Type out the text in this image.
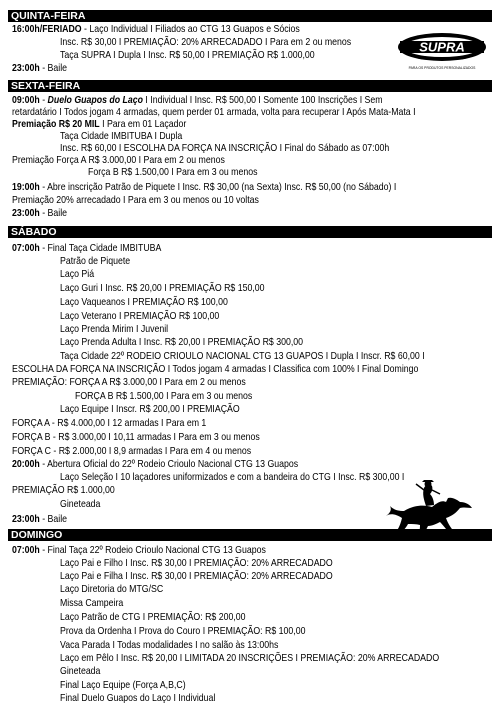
QUINTA-FEIRA
16:00h/FERIADO - Laço Individual I Filiados ao CTG 13 Guapos e Sócios
Insc. R$ 30,00 I PREMIAÇÃO: 20% ARRECADADO I Para em 2 ou menos
Taça SUPRA I Dupla I Insc. R$ 50,00 I PREMIAÇÃO R$ 1.000,00
23:00h - Baile
SUPRA
PARA OS PRODUTOS PERSONALIZADOS
SEXTA-FEIRA
09:00h - Duelo Guapos do Laço I Individual I Insc. R$ 500,00 I Somente 100 Inscrições I Sem
retardatário I Todos jogam 4 armadas, quem perder 01 armada, volta para recuperar I Após Mata-Mata I
Premiação R$ 20 MIL I Para em 01 Laçador
Taça Cidade IMBITUBA I Dupla
Insc. R$ 60,00 I ESCOLHA DA FORÇA NA INSCRIÇÃO I Final do Sábado as 07:00h
Premiação Força A R$ 3.000,00 I Para em 2 ou menos
Força B R$ 1.500,00 I Para em 3 ou menos
19:00h - Abre inscrição Patrão de Piquete I Insc. R$ 30,00 (na Sexta) Insc. R$ 50,00 (no Sábado) I
Premiação 20% arrecadado I Para em 3 ou menos ou 10 voltas
23:00h - Baile
SÁBADO
07:00h - Final Taça Cidade IMBITUBA
Patrão de Piquete
Laço Piá
Laço Guri I Insc. R$ 20,00 I PREMIAÇÃO R$ 150,00
Laço Vaqueanos I PREMIAÇÃO R$ 100,00
Laço Veterano I PREMIAÇÃO R$ 100,00
Laço Prenda Mirim I Juvenil
Laço Prenda Adulta I Insc. R$ 20,00 I PREMIAÇÃO R$ 300,00
Taça Cidade 22º RODEIO CRIOULO NACIONAL CTG 13 GUAPOS I Dupla I Inscr. R$ 60,00 I
ESCOLHA DA FORÇA NA INSCRIÇÃO I Todos jogam 4 armadas I Classifica com 100% I Final Domingo
PREMIAÇÃO: FORÇA A R$ 3.000,00 I Para em 2 ou menos
FORÇA B R$ 1.500,00 I Para em 3 ou menos
Laço Equipe I Inscr. R$ 200,00 I PREMIAÇÃO
FORÇA A - R$ 4.000,00 I 12 armadas I Para em 1
FORÇA B - R$ 3.000,00 I 10,11 armadas I Para em 3 ou menos
FORÇA C - R$ 2.000,00 I 8,9 armadas I Para em 4 ou menos
20:00h - Abertura Oficial do 22º Rodeio Crioulo Nacional CTG 13 Guapos
Laço Seleção I 10 laçadores uniformizados e com a bandeira do CTG I Insc. R$ 300,00 I
PREMIAÇÃO R$ 1.000,00
Gineteada
23:00h - Baile
DOMINGO
07:00h - Final Taça 22º Rodeio Crioulo Nacional CTG 13 Guapos
Laço Pai e Filho I Insc. R$ 30,00 I PREMIAÇÃO: 20% ARRECADADO
Laço Pai e Filha I Insc. R$ 30,00 I PREMIAÇÃO: 20% ARRECADADO
Laço Diretoria do MTG/SC
Missa Campeira
Laço Patrão de CTG I PREMIAÇÃO: R$ 200,00
Prova da Ordenha I Prova do Couro I PREMIAÇÃO: R$ 100,00
Vaca Parada I Todas modalidades I no salão às 13:00hs
Laço em Pêlo I Insc. R$ 20,00 I LIMITADA 20 INSCRIÇÕES I PREMIAÇÃO: 20% ARRECADADO
Gineteada
Final Laço Equipe (Força A,B,C)
Final Duelo Guapos do Laço I Individual
